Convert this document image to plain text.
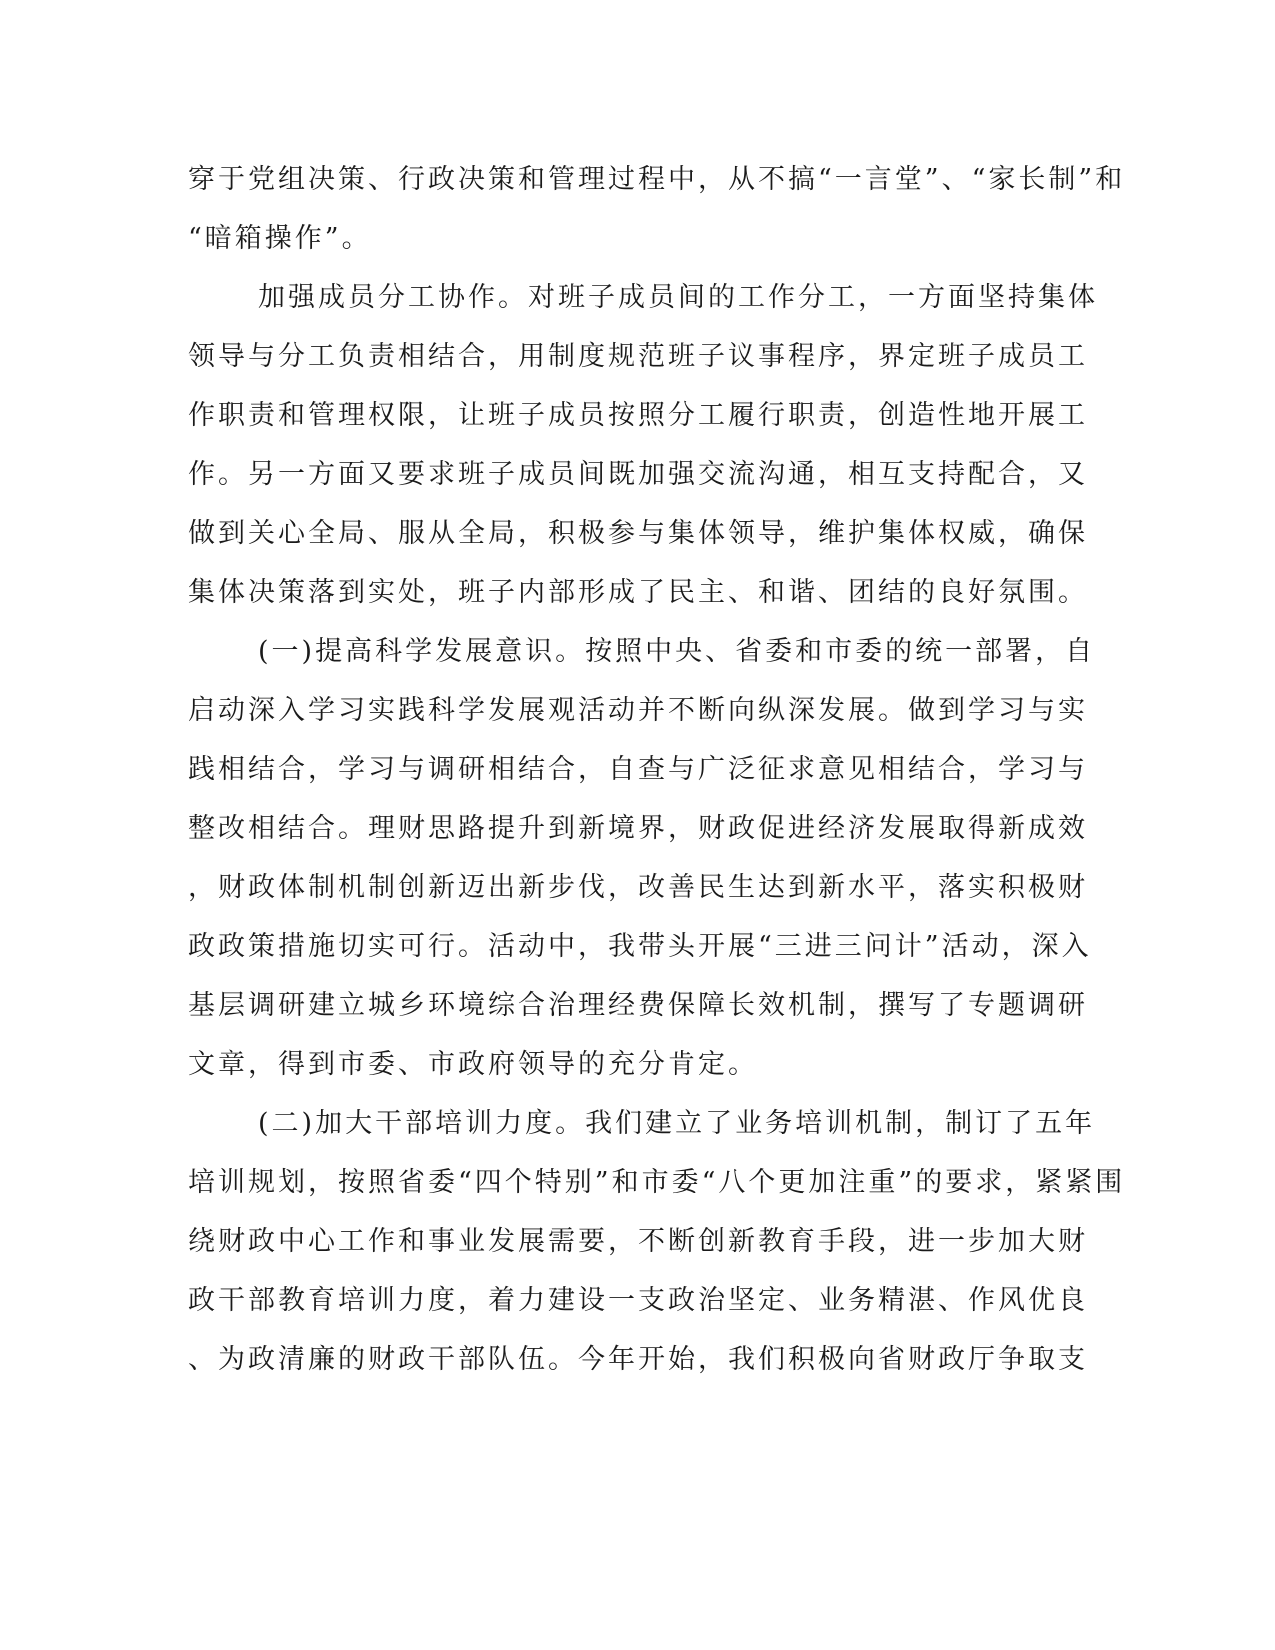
穿于党组决策、行政决策和管理过程中，从不搞“一言堂”、“家长制”和
“暗箱操作”。
加强成员分工协作。对班子成员间的工作分工，一方面坚持集体
领导与分工负责相结合，用制度规范班子议事程序，界定班子成员工
作职责和管理权限，让班子成员按照分工履行职责，创造性地开展工
作。另一方面又要求班子成员间既加强交流沟通，相互支持配合，又
做到关心全局、服从全局，积极参与集体领导，维护集体权威，确保
集体决策落到实处，班子内部形成了民主、和谐、团结的良好氛围。
(一)提高科学发展意识。按照中央、省委和市委的统一部署，自
启动深入学习实践科学发展观活动并不断向纵深发展。做到学习与实
践相结合，学习与调研相结合，自查与广泛征求意见相结合，学习与
整改相结合。理财思路提升到新境界，财政促进经济发展取得新成效
，财政体制机制创新迈出新步伐，改善民生达到新水平，落实积极财
政政策措施切实可行。活动中，我带头开展“三进三问计”活动，深入
基层调研建立城乡环境综合治理经费保障长效机制，撰写了专题调研
文章，得到市委、市政府领导的充分肯定。
(二)加大干部培训力度。我们建立了业务培训机制，制订了五年
培训规划，按照省委“四个特别”和市委“八个更加注重”的要求，紧紧围
绕财政中心工作和事业发展需要，不断创新教育手段，进一步加大财
政干部教育培训力度，着力建设一支政治坚定、业务精湛、作风优良
、为政清廉的财政干部队伍。今年开始，我们积极向省财政厅争取支
